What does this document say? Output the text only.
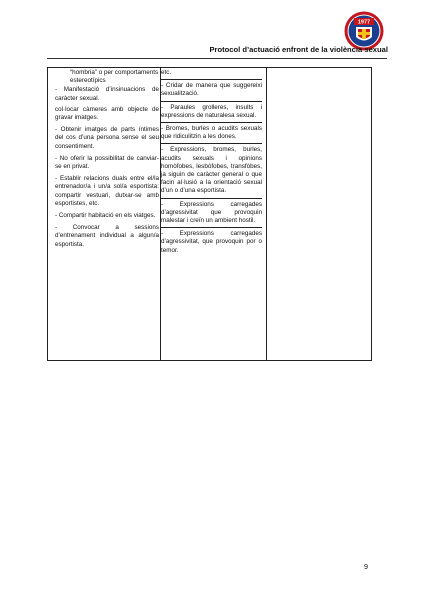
1977
Protocol d’actuació enfront de la violència sexual

“hombria” o per comportaments estereotípics

- Manifestació d’insinuacions de caràcter sexual.

col·locar càmeres amb objecte de gravar imatges.

- Obtenir imatges de parts íntimes del cos d’una persona sense el seu consentiment.

- No oferir la possibilitat de canviar-se en privat.

- Establir relacions duals entre el/la entrenador/a i un/a sol/a esportista: compartir vestuari, dutxar-se amb esportistes, etc.

- Compartir habitació en els viatges.

- Convocar a sessions d’entrenament individual a algun/a esportista.

etc.

- Cridar de manera que suggereixi sexualització.

- Paraules grolleres, insults i expressions de naturalesa sexual.

- Bromes, burles o acudits sexuals que ridiculitzin a les dones.

- Expressions, bromes, burles, acudits sexuals i opinions homòfobes, lesbòfobes, transfòbes, ja siguin de caràcter general o que facin al·lusió a la orientació sexual d’un o d’una esportista.

- Expressions carregades d’agressivitat que provoquin malestar i creïn un ambient hostil.

- Expressions carregades d’agressivitat, que provoquin por o temor.

9
